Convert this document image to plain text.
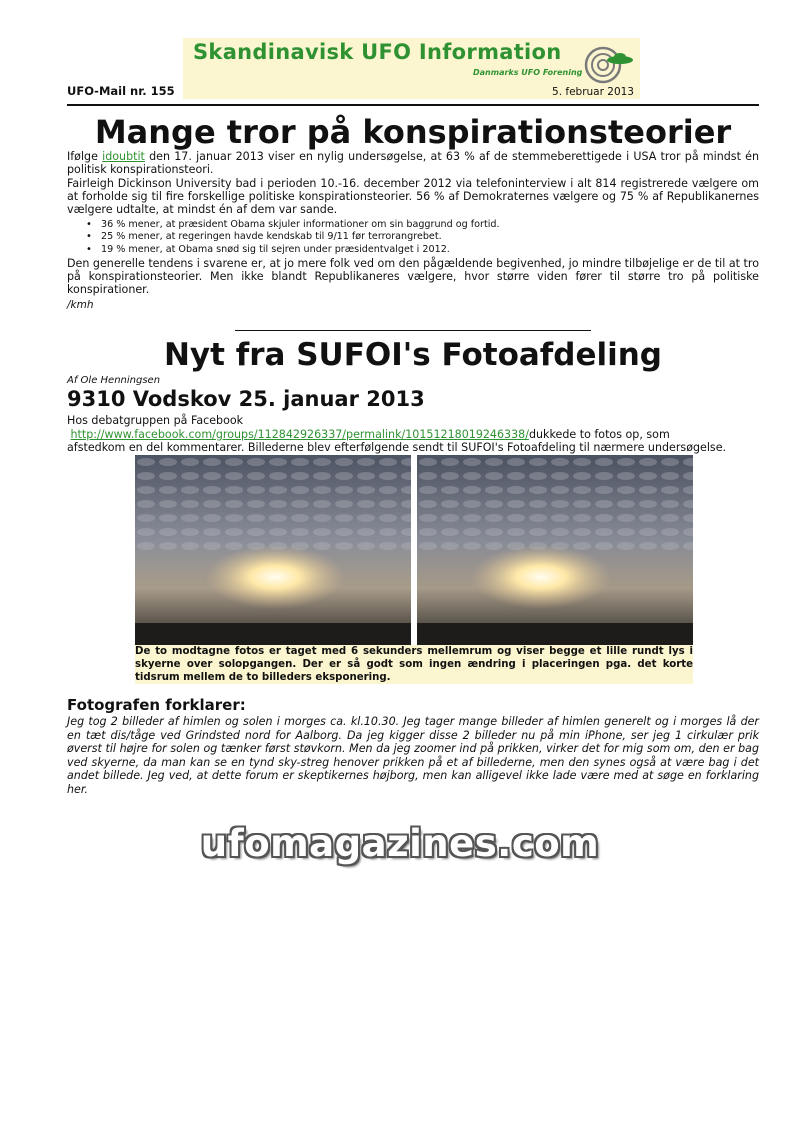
Skandinavisk UFO Information
Danmarks UFO Forening
UFO-Mail nr. 155	5. februar 2013
Mange tror på konspirationsteorier

Ifølge idoubtit den 17. januar 2013 viser en nylig undersøgelse, at 63 % af de stemmeberettigede i USA tror på mindst én politisk konspirationsteori.

Fairleigh Dickinson University bad i perioden 10.-16. december 2012 via telefoninterview i alt 814 registrerede vælgere om at forholde sig til fire forskellige politiske konspirationsteorier. 56 % af Demokraternes vælgere og 75 % af Republikanernes vælgere udtalte, at mindst én af dem var sande.

• 36 % mener, at præsident Obama skjuler informationer om sin baggrund og fortid.
• 25 % mener, at regeringen havde kendskab til 9/11 før terrorangrebet.
• 19 % mener, at Obama snød sig til sejren under præsidentvalget i 2012.

Den generelle tendens i svarene er, at jo mere folk ved om den pågældende begivenhed, jo mindre tilbøjelige er de til at tro på konspirationsteorier. Men ikke blandt Republikaneres vælgere, hvor større viden fører til større tro på politiske konspirationer.

/kmh
Nyt fra SUFOI's Fotoafdeling
Af Ole Henningsen
9310 Vodskov 25. januar 2013

Hos debatgruppen på Facebook

http://www.facebook.com/groups/112842926337/permalink/10151218019246338/dukkede to fotos op, som

afstedkom en del kommentarer. Billederne blev efterfølgende sendt til SUFOI's Fotoafdeling til nærmere undersøgelse.

De to modtagne fotos er taget med 6 sekunders mellemrum og viser begge et lille rundt lys i skyerne over solopgangen. Der er så godt som ingen ændring i placeringen pga. det korte tidsrum mellem de to billeders eksponering.
Fotografen forklarer:

Jeg tog 2 billeder af himlen og solen i morges ca. kl.10.30. Jeg tager mange billeder af himlen generelt og i morges lå der en tæt dis/tåge ved Grindsted nord for Aalborg. Da jeg kigger disse 2 billeder nu på min iPhone, ser jeg 1 cirkulær prik øverst til højre for solen og tænker først støvkorn. Men da jeg zoomer ind på prikken, virker det for mig som om, den er bag ved skyerne, da man kan se en tynd sky-streg henover prikken på et af billederne, men den synes også at være bag i det andet billede. Jeg ved, at dette forum er skeptikernes højborg, men kan alligevel ikke lade være med at søge en forklaring her.

ufomagazines.com
